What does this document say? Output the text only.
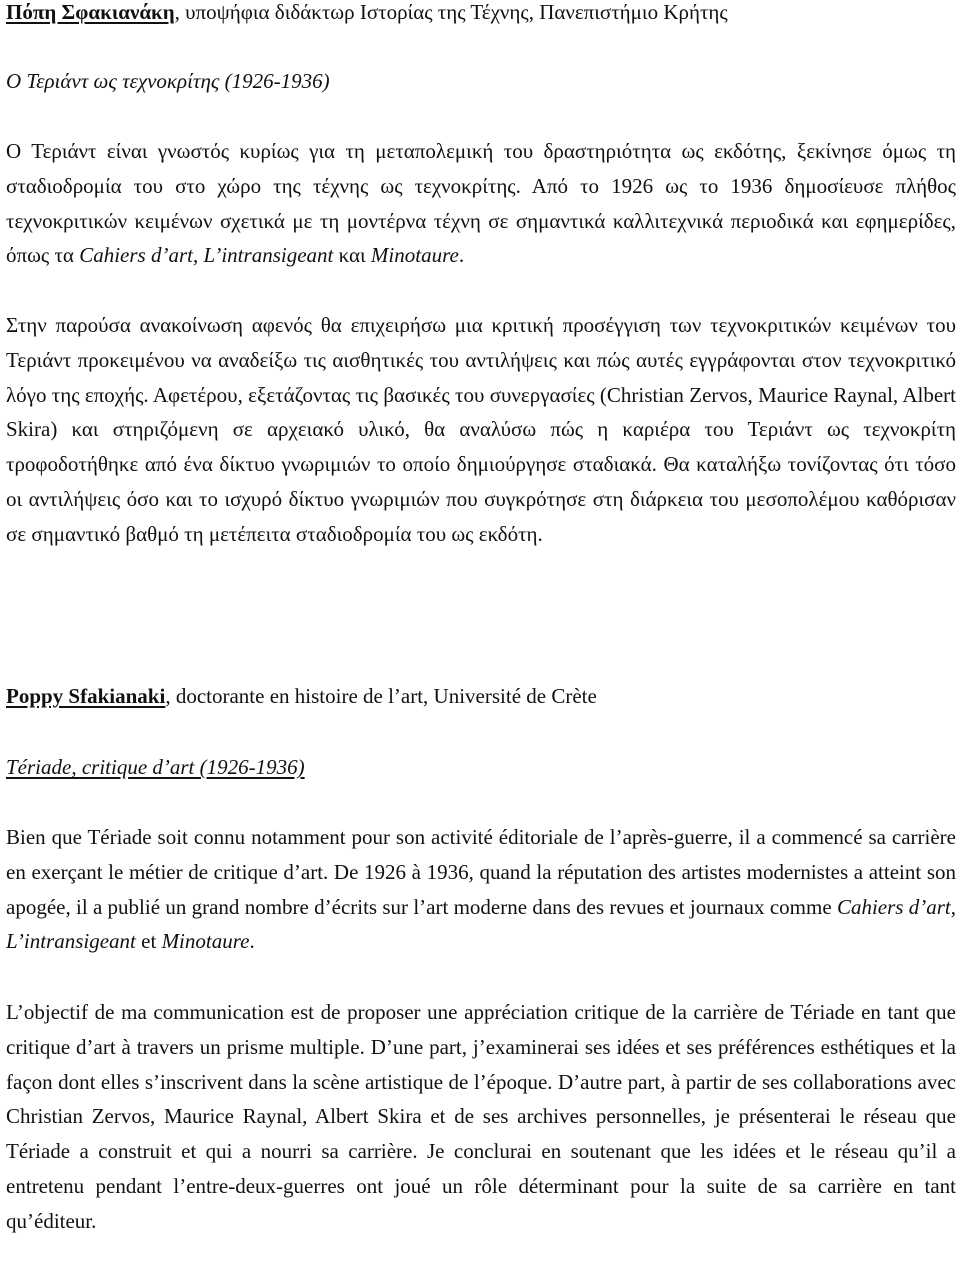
Πόπη Σφακιανάκη, υποψήφια διδάκτωρ Ιστορίας της Τέχνης, Πανεπιστήμιο Κρήτης

Ο Τεριάντ ως τεχνοκρίτης (1926-1936)

Ο Τεριάντ είναι γνωστός κυρίως για τη μεταπολεμική του δραστηριότητα ως εκδότης, ξεκίνησε όμως τη σταδιοδρομία του στο χώρο της τέχνης ως τεχνοκρίτης. Από το 1926 ως το 1936 δημοσίευσε πλήθος τεχνοκριτικών κειμένων σχετικά με τη μοντέρνα τέχνη σε σημαντικά καλλιτεχνικά περιοδικά και εφημερίδες, όπως τα Cahiers d’art, L’intransigeant και Minotaure.

Στην παρούσα ανακοίνωση αφενός θα επιχειρήσω μια κριτική προσέγγιση των τεχνοκριτικών κειμένων του Τεριάντ προκειμένου να αναδείξω τις αισθητικές του αντιλήψεις και πώς αυτές εγγράφονται στον τεχνοκριτικό λόγο της εποχής. Αφετέρου, εξετάζοντας τις βασικές του συνεργασίες (Christian Zervos, Maurice Raynal, Albert Skira) και στηριζόμενη σε αρχειακό υλικό, θα αναλύσω πώς η καριέρα του Τεριάντ ως τεχνοκρίτη τροφοδοτήθηκε από ένα δίκτυο γνωριμιών το οποίο δημιούργησε σταδιακά. Θα καταλήξω τονίζοντας ότι τόσο οι αντιλήψεις όσο και το ισχυρό δίκτυο γνωριμιών που συγκρότησε στη διάρκεια του μεσοπολέμου καθόρισαν σε σημαντικό βαθμό τη μετέπειτα σταδιοδρομία του ως εκδότη.

Poppy Sfakianaki, doctorante en histoire de l’art, Université de Crète

Tériade, critique d’art (1926-1936)

Bien que Tériade soit connu notamment pour son activité éditoriale de l’après-guerre, il a commencé sa carrière en exerçant le métier de critique d’art. De 1926 à 1936, quand la réputation des artistes modernistes a atteint son apogée, il a publié un grand nombre d’écrits sur l’art moderne dans des revues et journaux comme Cahiers d’art, L’intransigeant et Minotaure.

L’objectif de ma communication est de proposer une appréciation critique de la carrière de Tériade en tant que critique d’art à travers un prisme multiple. D’une part, j’examinerai ses idées et ses préférences esthétiques et la façon dont elles s’inscrivent dans la scène artistique de l’époque. D’autre part, à partir de ses collaborations avec Christian Zervos, Maurice Raynal, Albert Skira et de ses archives personnelles, je présenterai le réseau que Tériade a construit et qui a nourri sa carrière. Je conclurai en soutenant que les idées et le réseau qu’il a entretenu pendant l’entre-deux-guerres ont joué un rôle déterminant pour la suite de sa carrière en tant qu’éditeur.
